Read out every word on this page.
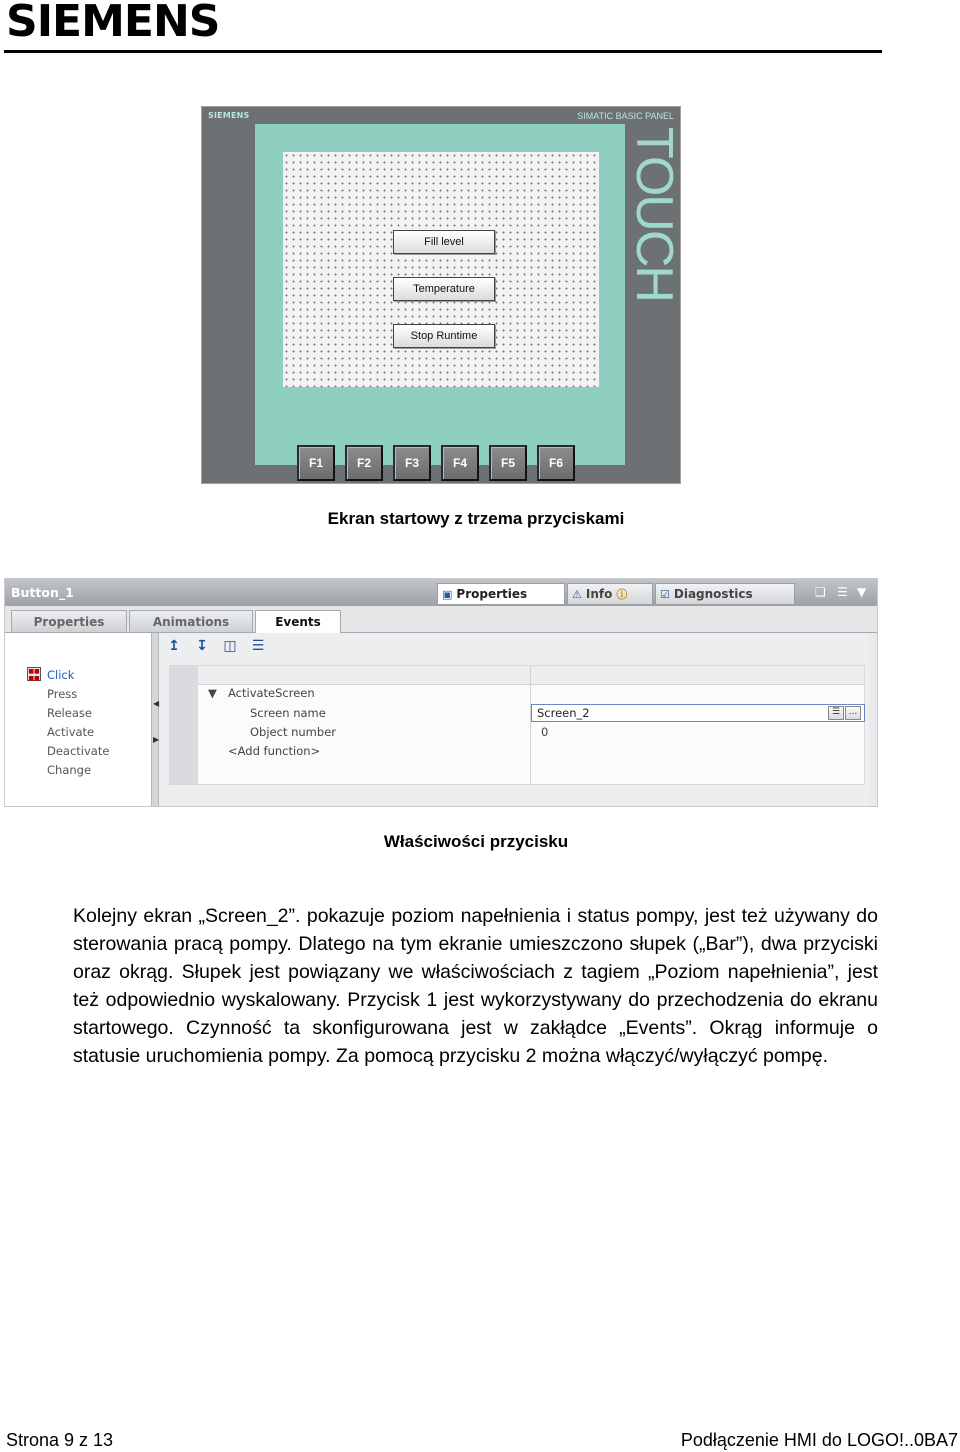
SIEMENS
SIEMENS	SIMATIC BASIC PANEL
Fill level
Temperature
Stop Runtime
F1	F2	F3	F4	F5	F6
TOUCH
Ekran startowy z trzema przyciskami
Button_1	▣ Properties	⚠ Info ⓘ	☑ Diagnostics	❏ ☰ ▼
Properties	Animations	Events
■■
■■ Click
Press
Release
Activate
Deactivate
Change
◀
▶
↥ ↧ ◫ ☰
▼ ActivateScreen
Screen name	Screen_2	☰ ...
Object number	0
<Add function>
Właściwości przycisku
Kolejny ekran „Screen_2”. pokazuje poziom napełnienia i status pompy, jest też używany do sterowania pracą pompy. Dlatego na tym ekranie umieszczono słupek („Bar”), dwa przyciski oraz okrąg. Słupek jest powiązany we właściwościach z tagiem „Poziom napełnienia”, jest też odpowiednio wyskalowany. Przycisk 1 jest wykorzystywany do przechodzenia do ekranu startowego. Czynność ta skonfigurowana jest w zakłądce „Events”. Okrąg informuje o statusie uruchomienia pompy. Za pomocą przycisku 2 można włączyć/wyłączyć pompę.
Strona 9 z 13	Podłączenie HMI do LOGO!..0BA7
